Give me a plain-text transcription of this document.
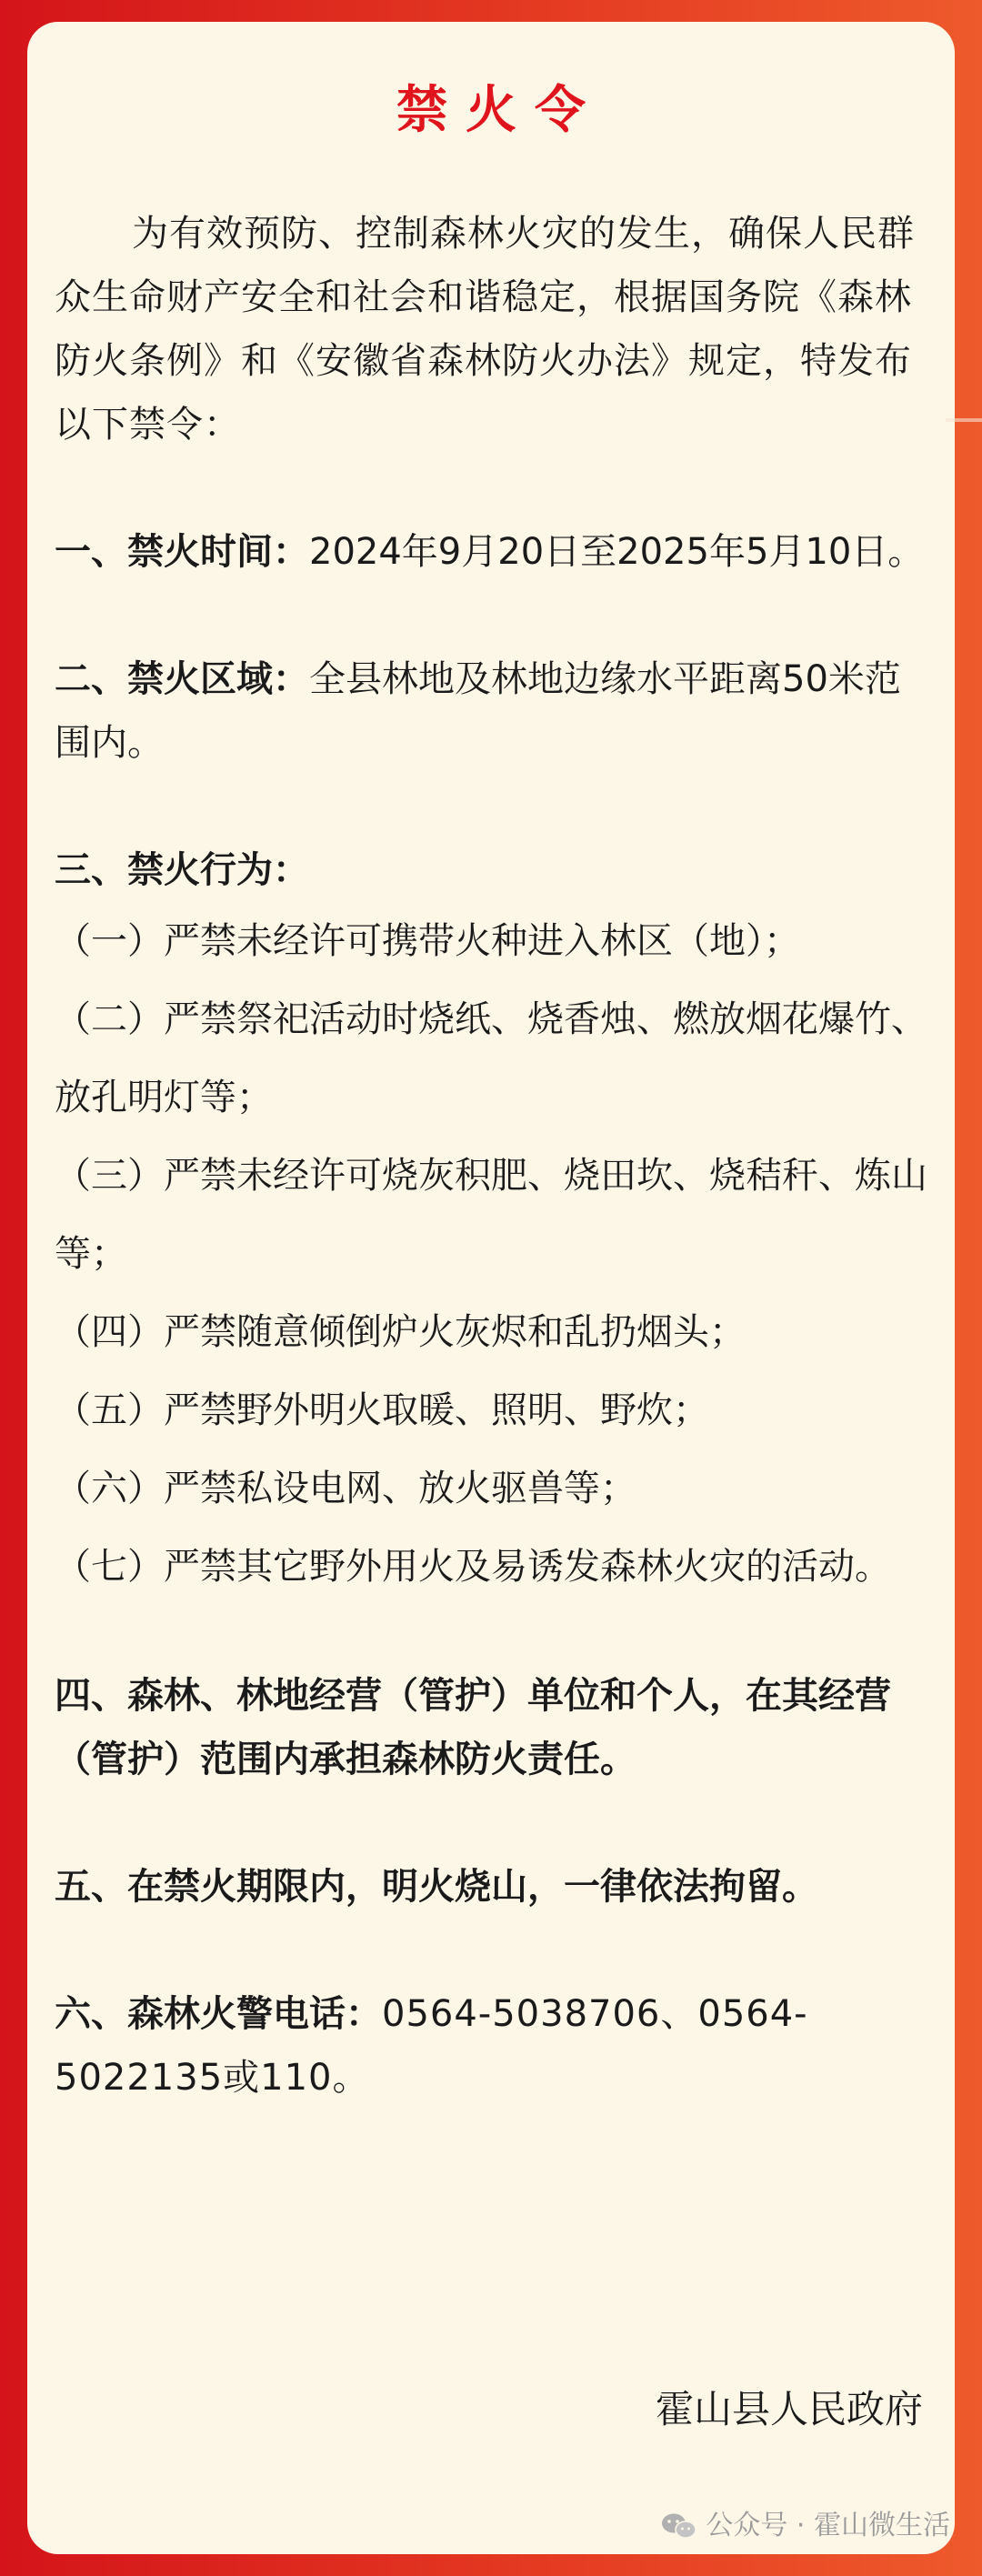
禁火令

为有效预防、控制森林火灾的发生，确保人民群众生命财产安全和社会和谐稳定，根据国务院《森林防火条例》和《安徽省森林防火办法》规定，特发布以下禁令：

一、禁火时间：2024年9月20日至2025年5月10日。

二、禁火区域：全县林地及林地边缘水平距离50米范围内。

三、禁火行为：

（一）严禁未经许可携带火种进入林区（地）；

（二）严禁祭祀活动时烧纸、烧香烛、燃放烟花爆竹、放孔明灯等；

（三）严禁未经许可烧灰积肥、烧田坎、烧秸秆、炼山等；

（四）严禁随意倾倒炉火灰烬和乱扔烟头；

（五）严禁野外明火取暖、照明、野炊；

（六）严禁私设电网、放火驱兽等；

（七）严禁其它野外用火及易诱发森林火灾的活动。

四、森林、林地经营（管护）单位和个人，在其经营（管护）范围内承担森林防火责任。

五、在禁火期限内，明火烧山，一律依法拘留。

六、森林火警电话：0564-5038706、0564-5022135或110。

霍山县人民政府
公众号 · 霍山微生活
